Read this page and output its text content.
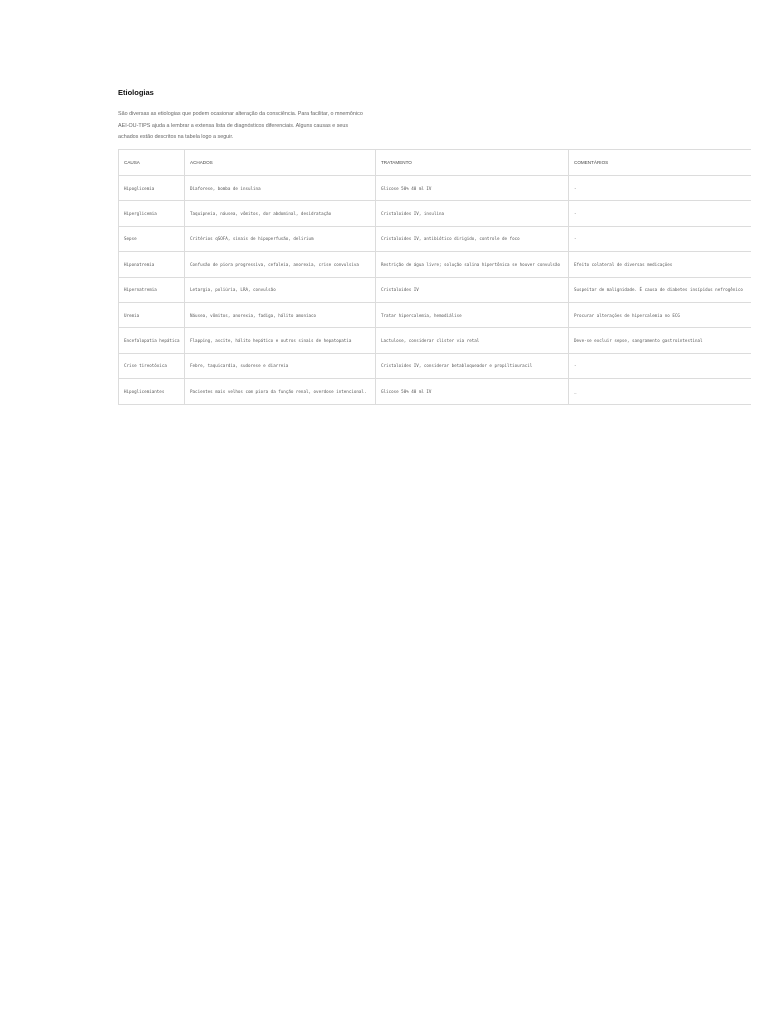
Etiologias

São diversas as etiologias que podem ocasionar alteração da consciência. Para facilitar, o mnemônico
AEI-OU-TIPS ajuda a lembrar a extensa lista de diagnósticos diferenciais. Alguns causas e seus
achados estão descritos na tabela logo a seguir.

CAUSA	ACHADOS	TRATAMENTO	COMENTÁRIOS
Hipoglicemia	Diaforese, bomba de insulina	Glicose 50% 40 ml IV	-
Hiperglicemia	Taquipneia, náusea, vômitos, dor abdominal, desidratação	Cristaloides IV, insulina	-
Sepse	Critérios qSOFA, sinais de hipoperfusão, delirium	Cristaloides IV, antibiótico dirigido, controle de foco	-
Hiponatremia	Confusão de piora progressiva, cefaleia, anorexia, crise convulsiva	Restrição de água livre; solução salina hipertônica se houver convulsão	Efeito colateral de diversas medicações
Hipernatremia	Letargia, poliúria, LRA, convulsão	Cristaloides IV	Suspeitar de malignidade. É causa de diabetes insípidus nefrogênico
Uremia	Náusea, vômitos, anorexia, fadiga, hálito amoníaco	Tratar hipercalemia, hemodiálise	Procurar alterações de hipercalemia no ECG
Encefalopatia hepática	Flapping, ascite, hálito hepático e outros sinais de hepatopatia	Lactulose, considerar clister via retal	Deve-se excluir sepse, sangramento gastrointestinal
Crise tireotóxica	Febre, taquicardia, sudorese e diarreia	Cristaloides IV, considerar betabloqueador e propiltiouracil	-
Hipoglicemiantes	Pacientes mais velhos com piora da função renal, overdose intencional.	Glicose 50% 40 ml IV	_
